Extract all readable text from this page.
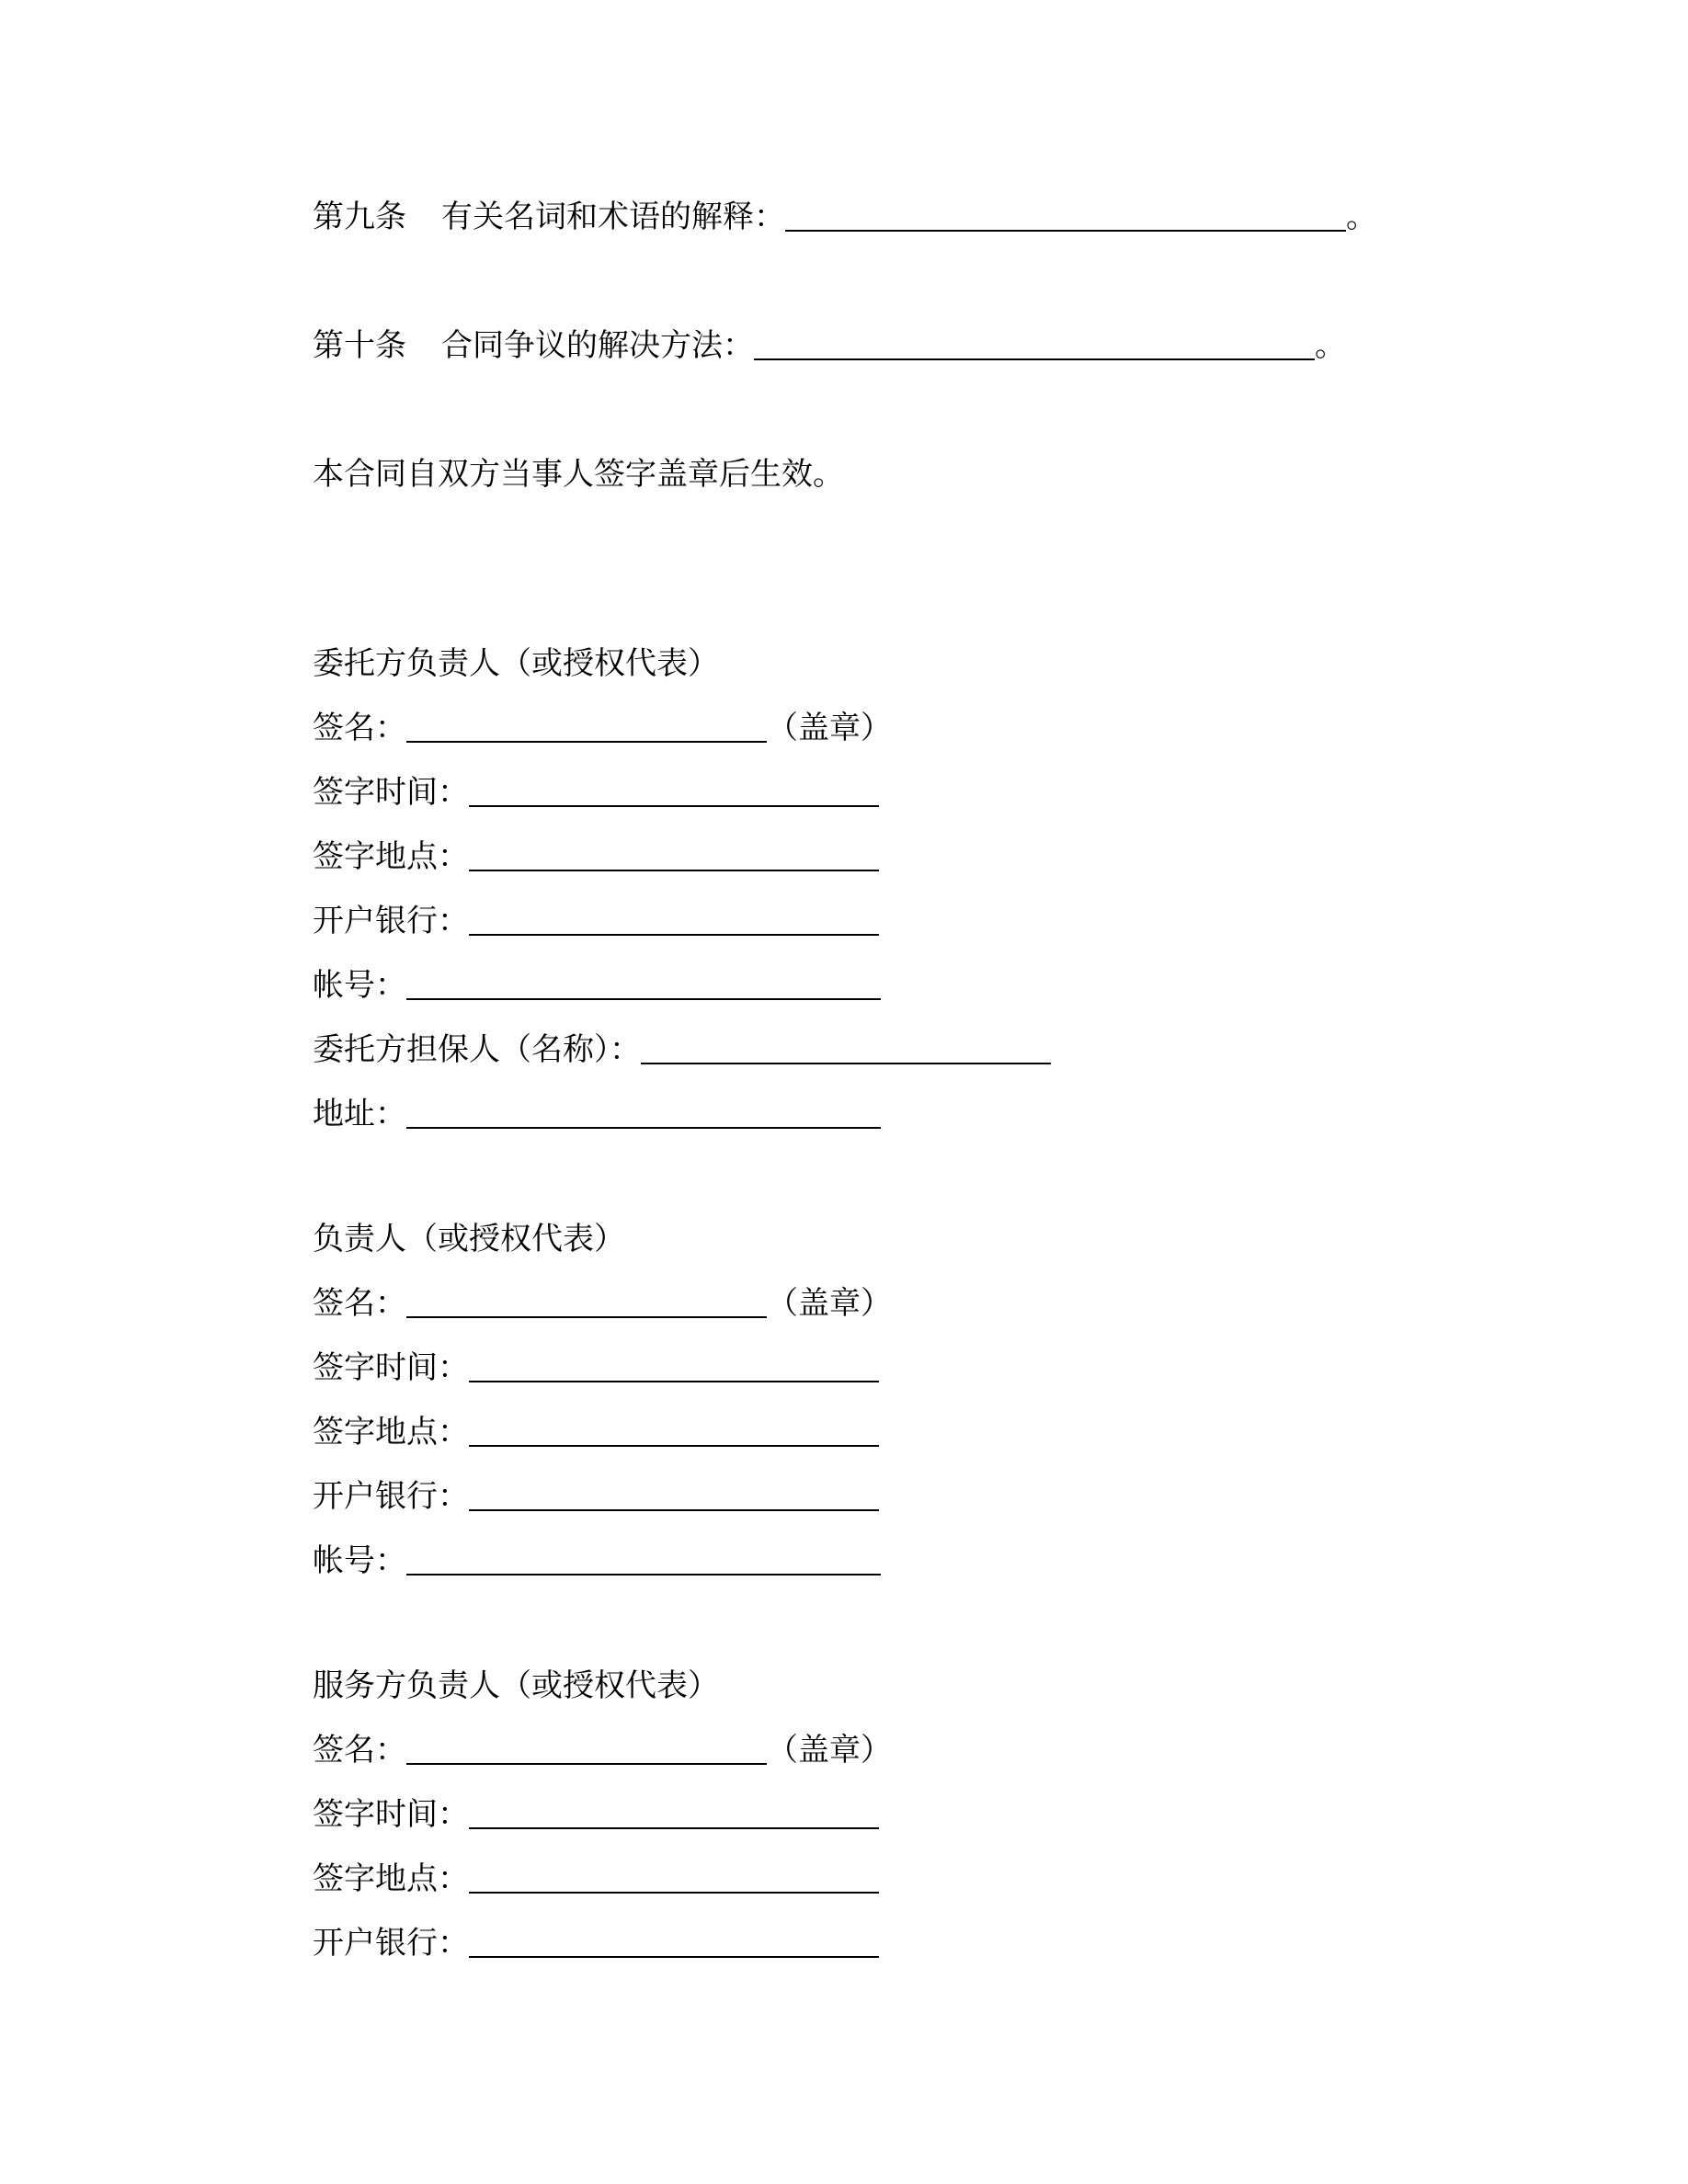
第九条 有关名词和术语的解释：	。
第十条 合同争议的解决方法：	。
本合同自双方当事人签字盖章后生效。
委托方负责人（或授权代表）
签名：	（盖章）
签字时间：
签字地点：
开户银行：
帐号：
委托方担保人（名称）：
地址：
负责人（或授权代表）
签名：	（盖章）
签字时间：
签字地点：
开户银行：
帐号：
服务方负责人（或授权代表）
签名：	（盖章）
签字时间：
签字地点：
开户银行：
